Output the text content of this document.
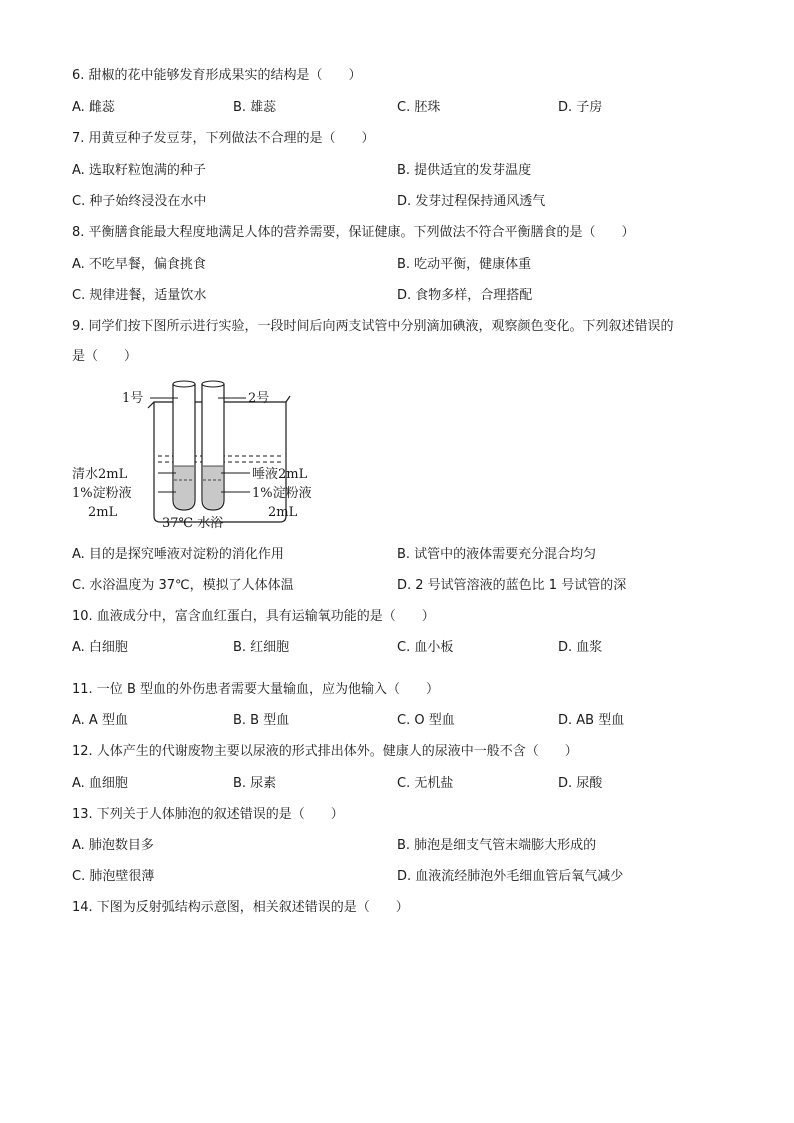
6. 甜椒的花中能够发育形成果实的结构是（　　）
A. 雌蕊	B. 雄蕊	C. 胚珠	D. 子房
7. 用黄豆种子发豆芽，下列做法不合理的是（　　）
A. 选取籽粒饱满的种子	B. 提供适宜的发芽温度
C. 种子始终浸没在水中	D. 发芽过程保持通风透气
8. 平衡膳食能最大程度地满足人体的营养需要，保证健康。下列做法不符合平衡膳食的是（　　）
A. 不吃早餐，偏食挑食	B. 吃动平衡，健康体重
C. 规律进餐，适量饮水	D. 食物多样，合理搭配
9. 同学们按下图所示进行实验，一段时间后向两支试管中分别滴加碘液，观察颜色变化。下列叙述错误的
是（　　）
1号	2号
清水2mL
1%淀粉液
2mL
唾液2mL
1%淀粉液
2mL
37℃ 水浴
A. 目的是探究唾液对淀粉的消化作用	B. 试管中的液体需要充分混合均匀
C. 水浴温度为 37℃，模拟了人体体温	D. 2 号试管溶液的蓝色比 1 号试管的深
10. 血液成分中，富含血红蛋白，具有运输氧功能的是（　　）
A. 白细胞	B. 红细胞	C. 血小板	D. 血浆
11. 一位 B 型血的外伤患者需要大量输血，应为他输入（　　）
A. A 型血	B. B 型血	C. O 型血	D. AB 型血
12. 人体产生的代谢废物主要以尿液的形式排出体外。健康人的尿液中一般不含（　　）
A. 血细胞	B. 尿素	C. 无机盐	D. 尿酸
13. 下列关于人体肺泡的叙述错误的是（　　）
A. 肺泡数目多	B. 肺泡是细支气管末端膨大形成的
C. 肺泡壁很薄	D. 血液流经肺泡外毛细血管后氧气减少
14. 下图为反射弧结构示意图，相关叙述错误的是（　　）
